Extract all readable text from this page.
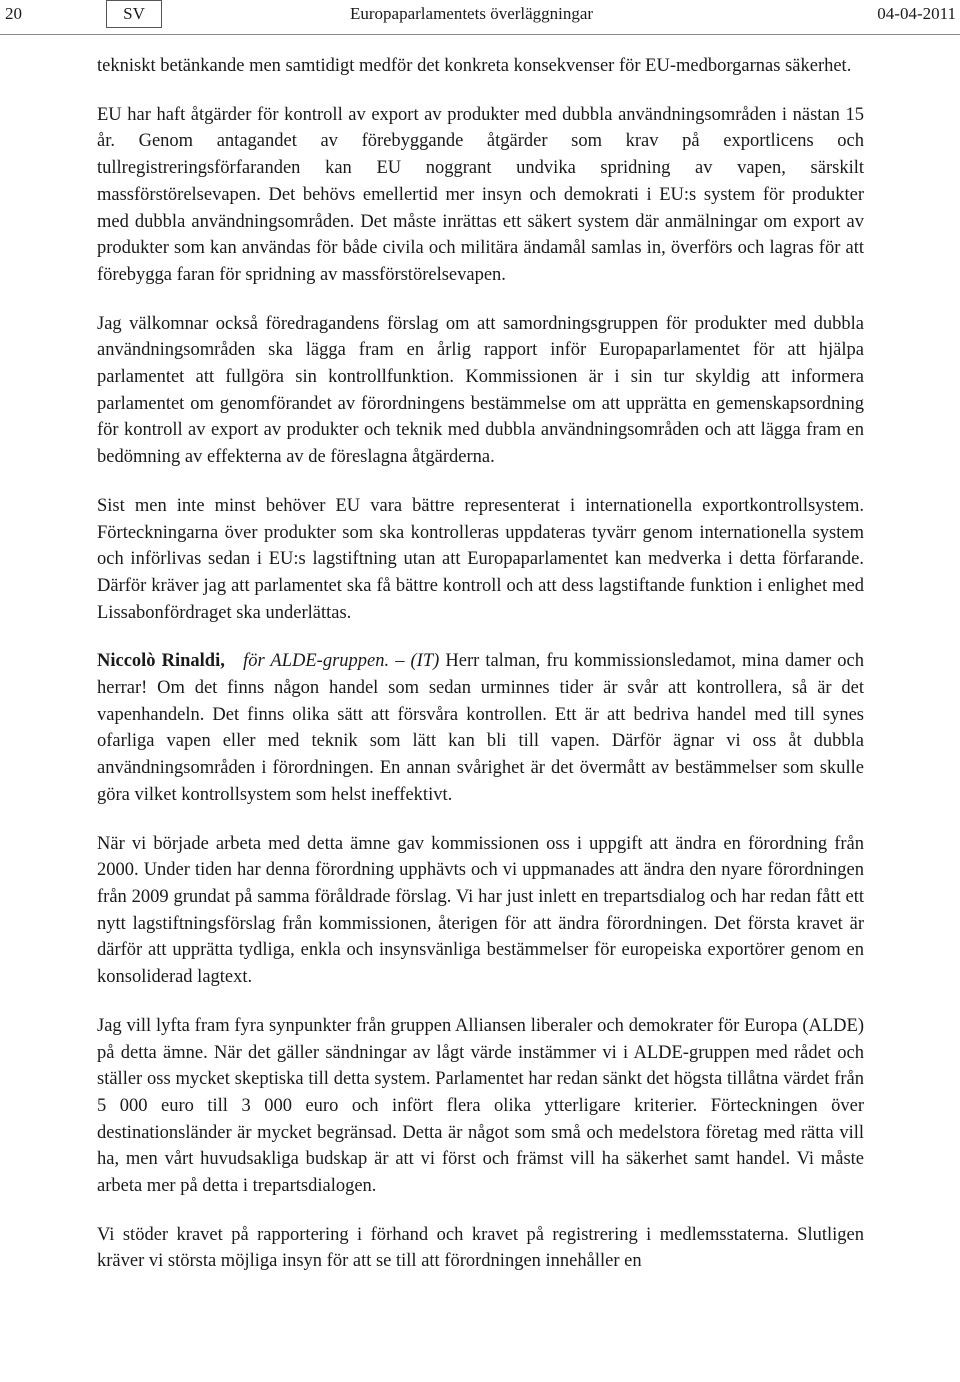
20	SV	Europaparlamentets överläggningar	04-04-2011

tekniskt betänkande men samtidigt medför det konkreta konsekvenser för EU-medborgarnas säkerhet.

EU har haft åtgärder för kontroll av export av produkter med dubbla användningsområden i nästan 15 år. Genom antagandet av förebyggande åtgärder som krav på exportlicens och tullregistreringsförfaranden kan EU noggrant undvika spridning av vapen, särskilt massförstörelsevapen. Det behövs emellertid mer insyn och demokrati i EU:s system för produkter med dubbla användningsområden. Det måste inrättas ett säkert system där anmälningar om export av produkter som kan användas för både civila och militära ändamål samlas in, överförs och lagras för att förebygga faran för spridning av massförstörelsevapen.

Jag välkomnar också föredragandens förslag om att samordningsgruppen för produkter med dubbla användningsområden ska lägga fram en årlig rapport inför Europaparlamentet för att hjälpa parlamentet att fullgöra sin kontrollfunktion. Kommissionen är i sin tur skyldig att informera parlamentet om genomförandet av förordningens bestämmelse om att upprätta en gemenskapsordning för kontroll av export av produkter och teknik med dubbla användningsområden och att lägga fram en bedömning av effekterna av de föreslagna åtgärderna.

Sist men inte minst behöver EU vara bättre representerat i internationella exportkontrollsystem. Förteckningarna över produkter som ska kontrolleras uppdateras tyvärr genom internationella system och införlivas sedan i EU:s lagstiftning utan att Europaparlamentet kan medverka i detta förfarande. Därför kräver jag att parlamentet ska få bättre kontroll och att dess lagstiftande funktion i enlighet med Lissabonfördraget ska underlättas.

Niccolò Rinaldi, för ALDE-gruppen. – (IT) Herr talman, fru kommissionsledamot, mina damer och herrar! Om det finns någon handel som sedan urminnes tider är svår att kontrollera, så är det vapenhandeln. Det finns olika sätt att försvåra kontrollen. Ett är att bedriva handel med till synes ofarliga vapen eller med teknik som lätt kan bli till vapen. Därför ägnar vi oss åt dubbla användningsområden i förordningen. En annan svårighet är det övermått av bestämmelser som skulle göra vilket kontrollsystem som helst ineffektivt.

När vi började arbeta med detta ämne gav kommissionen oss i uppgift att ändra en förordning från 2000. Under tiden har denna förordning upphävts och vi uppmanades att ändra den nyare förordningen från 2009 grundat på samma föråldrade förslag. Vi har just inlett en trepartsdialog och har redan fått ett nytt lagstiftningsförslag från kommissionen, återigen för att ändra förordningen. Det första kravet är därför att upprätta tydliga, enkla och insynsvänliga bestämmelser för europeiska exportörer genom en konsoliderad lagtext.

Jag vill lyfta fram fyra synpunkter från gruppen Alliansen liberaler och demokrater för Europa (ALDE) på detta ämne. När det gäller sändningar av lågt värde instämmer vi i ALDE-gruppen med rådet och ställer oss mycket skeptiska till detta system. Parlamentet har redan sänkt det högsta tillåtna värdet från 5 000 euro till 3 000 euro och infört flera olika ytterligare kriterier. Förteckningen över destinationsländer är mycket begränsad. Detta är något som små och medelstora företag med rätta vill ha, men vårt huvudsakliga budskap är att vi först och främst vill ha säkerhet samt handel. Vi måste arbeta mer på detta i trepartsdialogen.

Vi stöder kravet på rapportering i förhand och kravet på registrering i medlemsstaterna. Slutligen kräver vi största möjliga insyn för att se till att förordningen innehåller en
